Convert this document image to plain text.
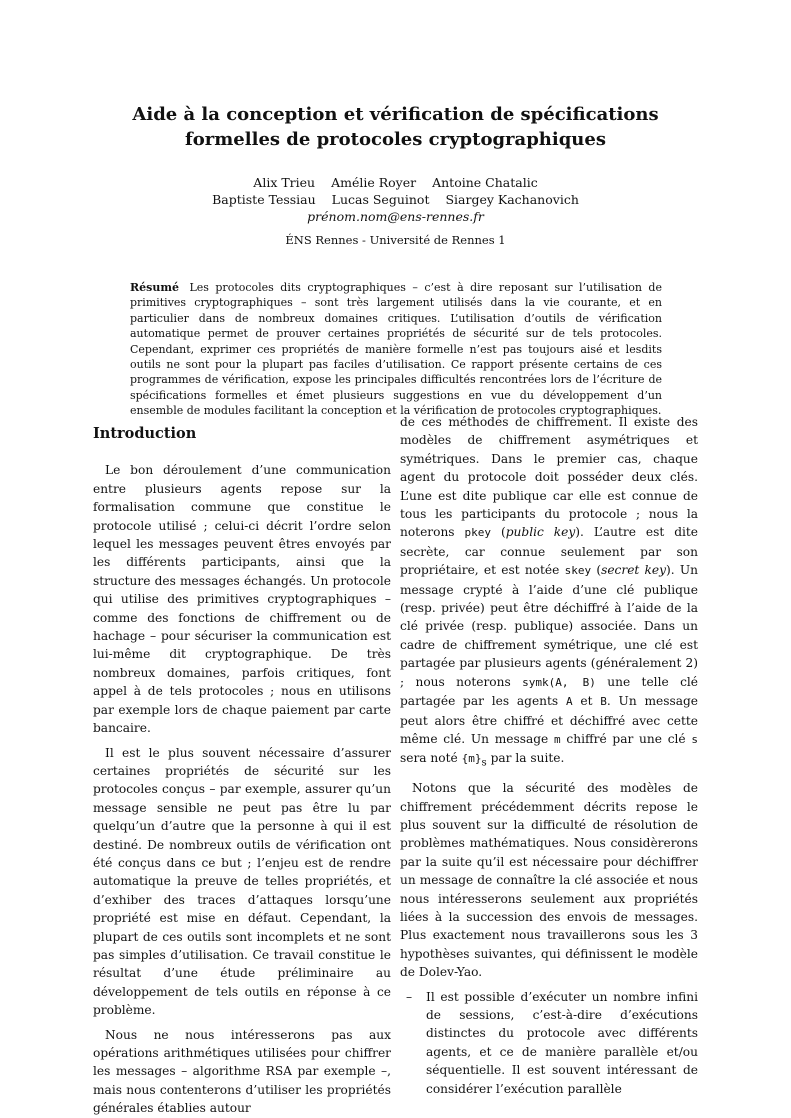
Aide à la conception et vérification de spécifications
formelles de protocoles cryptographiques
Alix Trieu Amélie Royer Antoine Chatalic
Baptiste Tessiau Lucas Seguinot Siargey Kachanovich
prénom.nom@ens-rennes.fr
ÉNS Rennes - Université de Rennes 1
Résumé Les protocoles dits cryptographiques – c’est à dire reposant sur l’utilisation de primitives cryptographiques – sont très largement utilisés dans la vie courante, et en particulier dans de nombreux domaines critiques. L’utilisation d’outils de vérification automatique permet de prouver certaines propriétés de sécurité sur de tels protocoles. Cependant, exprimer ces propriétés de manière formelle n’est pas toujours aisé et lesdits outils ne sont pour la plupart pas faciles d’utilisation. Ce rapport présente certains de ces programmes de vérification, expose les principales difficultés rencontrées lors de l’écriture de spécifications formelles et émet plusieurs suggestions en vue du développement d’un ensemble de modules facilitant la conception et la vérification de protocoles cryptographiques.
Introduction

Le bon déroulement d’une communication entre plusieurs agents repose sur la formalisation commune que constitue le protocole utilisé ; celui-ci décrit l’ordre selon lequel les messages peuvent êtres envoyés par les différents participants, ainsi que la structure des messages échangés. Un protocole qui utilise des primitives cryptographiques – comme des fonctions de chiffrement ou de hachage – pour sécuriser la communication est lui-même dit cryptographique. De très nombreux domaines, parfois critiques, font appel à de tels protocoles ; nous en utilisons par exemple lors de chaque paiement par carte bancaire.

Il est le plus souvent nécessaire d’assurer certaines propriétés de sécurité sur les protocoles conçus – par exemple, assurer qu’un message sensible ne peut pas être lu par quelqu’un d’autre que la personne à qui il est destiné. De nombreux outils de vérification ont été conçus dans ce but ; l’enjeu est de rendre automatique la preuve de telles propriétés, et d’exhiber des traces d’attaques lorsqu’une propriété est mise en défaut. Cependant, la plupart de ces outils sont incomplets et ne sont pas simples d’utilisation. Ce travail constitue le résultat d’une étude préliminaire au développement de tels outils en réponse à ce problème.

Nous ne nous intéresserons pas aux opérations arithmétiques utilisées pour chiffrer les messages – algorithme RSA par exemple –, mais nous contenterons d’utiliser les propriétés générales établies autour

de ces méthodes de chiffrement. Il existe des modèles de chiffrement asymétriques et symétriques. Dans le premier cas, chaque agent du protocole doit posséder deux clés. L’une est dite publique car elle est connue de tous les participants du protocole ; nous la noterons pkey (public key). L’autre est dite secrète, car connue seulement par son propriétaire, et est notée skey (secret key). Un message crypté à l’aide d’une clé publique (resp. privée) peut être déchiffré à l’aide de la clé privée (resp. publique) associée. Dans un cadre de chiffrement symétrique, une clé est partagée par plusieurs agents (généralement 2) ; nous noterons symk(A, B) une telle clé partagée par les agents A et B. Un message peut alors être chiffré et déchiffré avec cette même clé. Un message m chiffré par une clé s sera noté $\{m\}_s$ par la suite.

Notons que la sécurité des modèles de chiffrement précédemment décrits repose le plus souvent sur la difficulté de résolution de problèmes mathématiques. Nous considèrerons par la suite qu’il est nécessaire pour déchiffrer un message de connaître la clé associée et nous nous intéresserons seulement aux propriétés liées à la succession des envois de messages. Plus exactement nous travaillerons sous les 3 hypothèses suivantes, qui définissent le modèle de Dolev-Yao.

– Il est possible d’exécuter un nombre infini de sessions, c’est-à-dire d’exécutions distinctes du protocole avec différents agents, et ce de manière parallèle et/ou séquentielle. Il est souvent intéressant de considérer l’exécution parallèle
